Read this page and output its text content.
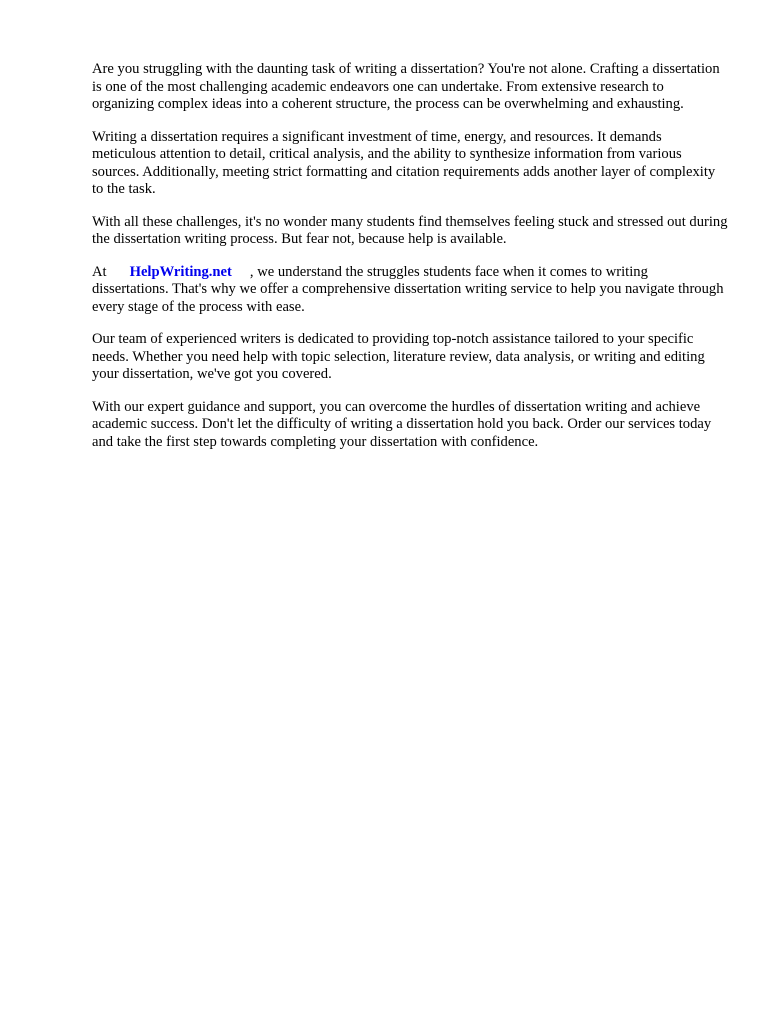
Are you struggling with the daunting task of writing a dissertation? You're not alone. Crafting a dissertation is one of the most challenging academic endeavors one can undertake. From extensive research to organizing complex ideas into a coherent structure, the process can be overwhelming and exhausting.

Writing a dissertation requires a significant investment of time, energy, and resources. It demands meticulous attention to detail, critical analysis, and the ability to synthesize information from various sources. Additionally, meeting strict formatting and citation requirements adds another layer of complexity to the task.

With all these challenges, it's no wonder many students find themselves feeling stuck and stressed out during the dissertation writing process. But fear not, because help is available.

At HelpWriting.net , we understand the struggles students face when it comes to writing dissertations. That's why we offer a comprehensive dissertation writing service to help you navigate through every stage of the process with ease.

Our team of experienced writers is dedicated to providing top-notch assistance tailored to your specific needs. Whether you need help with topic selection, literature review, data analysis, or writing and editing your dissertation, we've got you covered.

With our expert guidance and support, you can overcome the hurdles of dissertation writing and achieve academic success. Don't let the difficulty of writing a dissertation hold you back. Order our services today and take the first step towards completing your dissertation with confidence.
